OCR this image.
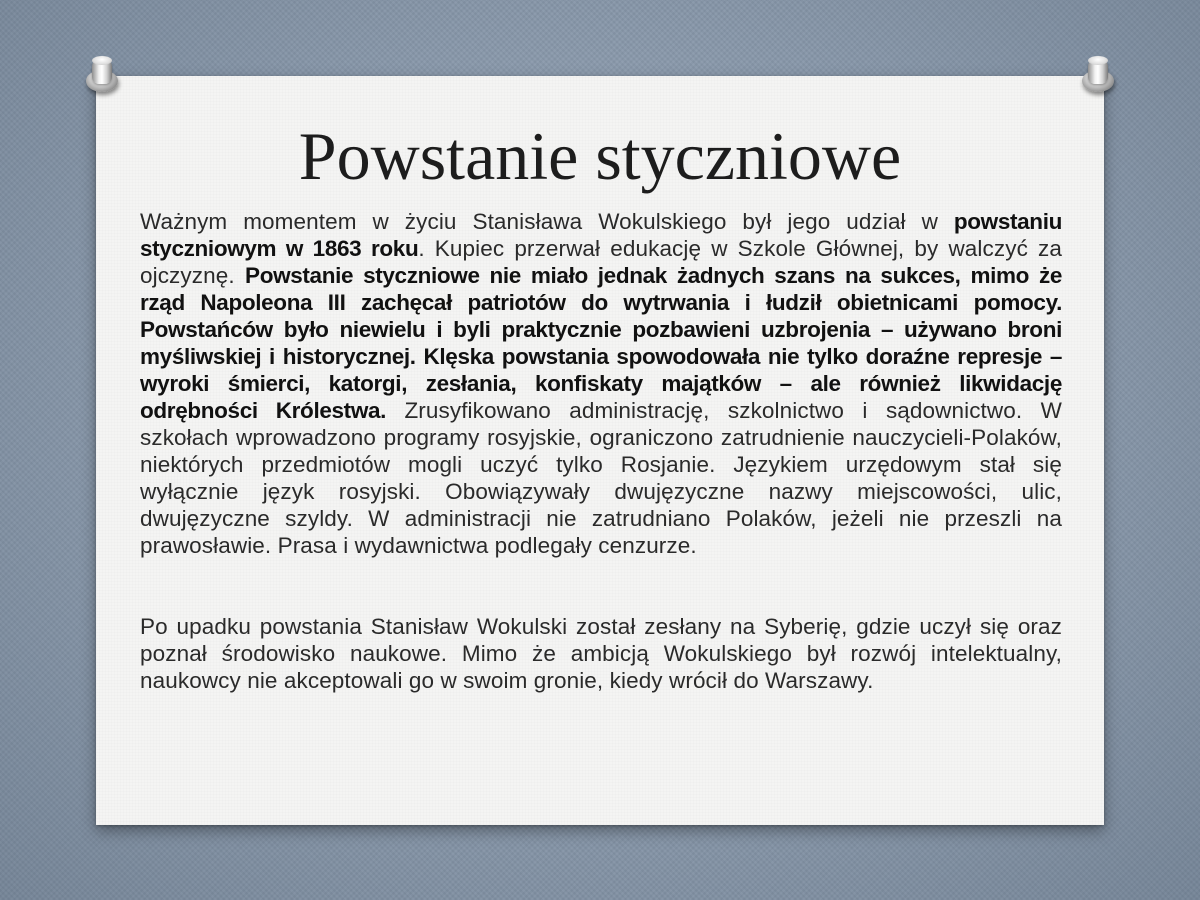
Powstanie styczniowe

Ważnym momentem w życiu Stanisława Wokulskiego był jego udział w powstaniu styczniowym w 1863 roku. Kupiec przerwał edukację w Szkole Głównej, by walczyć za ojczyznę. Powstanie styczniowe nie miało jednak żadnych szans na sukces, mimo że rząd Napoleona III zachęcał patriotów do wytrwania i łudził obietnicami pomocy. Powstańców było niewielu i byli praktycznie pozbawieni uzbrojenia – używano broni myśliwskiej i historycznej. Klęska powstania spowodowała nie tylko doraźne represje – wyroki śmierci, katorgi, zesłania, konfiskaty majątków – ale również likwidację odrębności Królestwa. Zrusyfikowano administrację, szkolnictwo i sądownictwo. W szkołach wprowadzono programy rosyjskie, ograniczono zatrudnienie nauczycieli-Polaków, niektórych przedmiotów mogli uczyć tylko Rosjanie. Językiem urzędowym stał się wyłącznie język rosyjski. Obowiązywały dwujęzyczne nazwy miejscowości, ulic, dwujęzyczne szyldy. W administracji nie zatrudniano Polaków, jeżeli nie przeszli na prawosławie. Prasa i wydawnictwa podlegały cenzurze.

Po upadku powstania Stanisław Wokulski został zesłany na Syberię, gdzie uczył się oraz poznał środowisko naukowe. Mimo że ambicją Wokulskiego był rozwój intelektualny, naukowcy nie akceptowali go w swoim gronie, kiedy wrócił do Warszawy.
